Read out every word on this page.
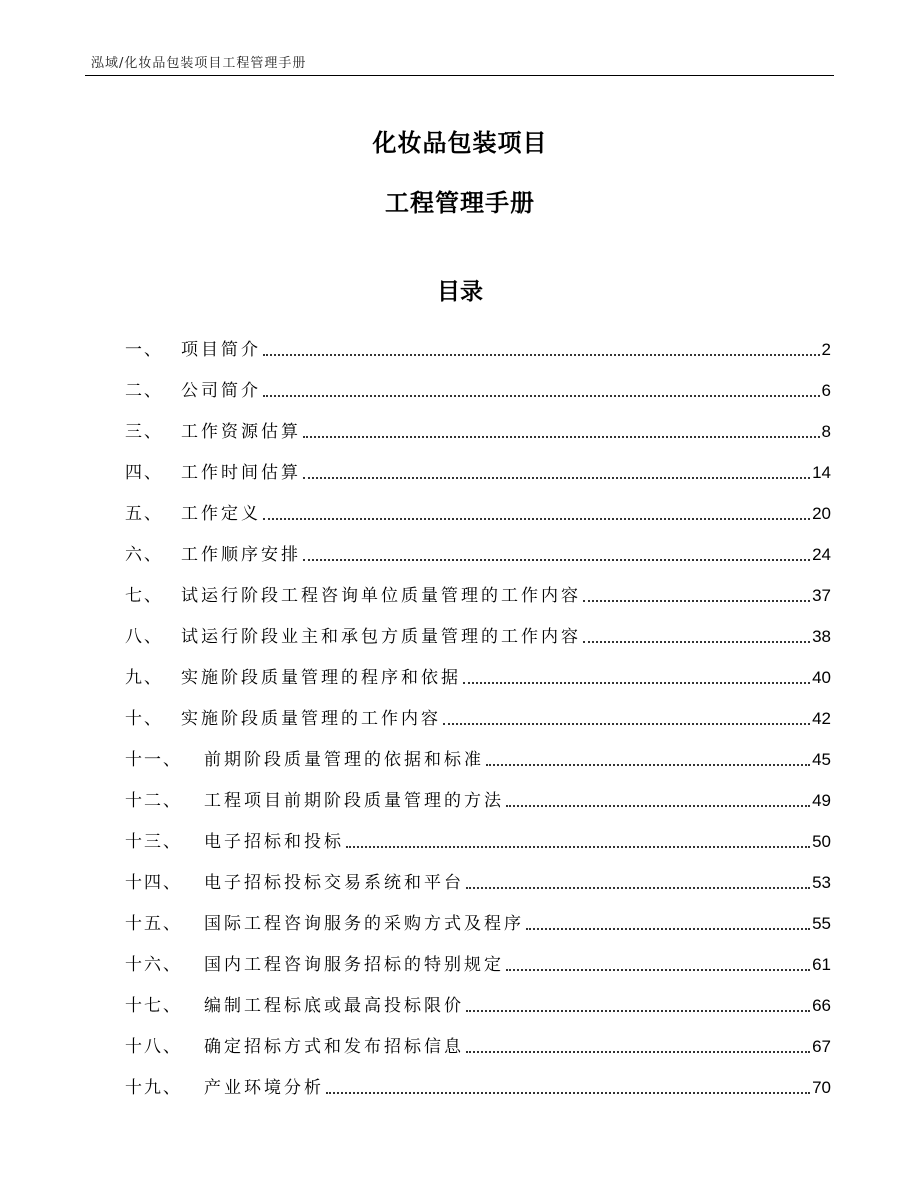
泓域/化妆品包装项目工程管理手册
化妆品包装项目
工程管理手册
目录
一、	项目简介	2
二、	公司简介	6
三、	工作资源估算	8
四、	工作时间估算	14
五、	工作定义	20
六、	工作顺序安排	24
七、	试运行阶段工程咨询单位质量管理的工作内容	37
八、	试运行阶段业主和承包方质量管理的工作内容	38
九、	实施阶段质量管理的程序和依据	40
十、	实施阶段质量管理的工作内容	42
十一、	前期阶段质量管理的依据和标准	45
十二、	工程项目前期阶段质量管理的方法	49
十三、	电子招标和投标	50
十四、	电子招标投标交易系统和平台	53
十五、	国际工程咨询服务的采购方式及程序	55
十六、	国内工程咨询服务招标的特别规定	61
十七、	编制工程标底或最高投标限价	66
十八、	确定招标方式和发布招标信息	67
十九、	产业环境分析	70
